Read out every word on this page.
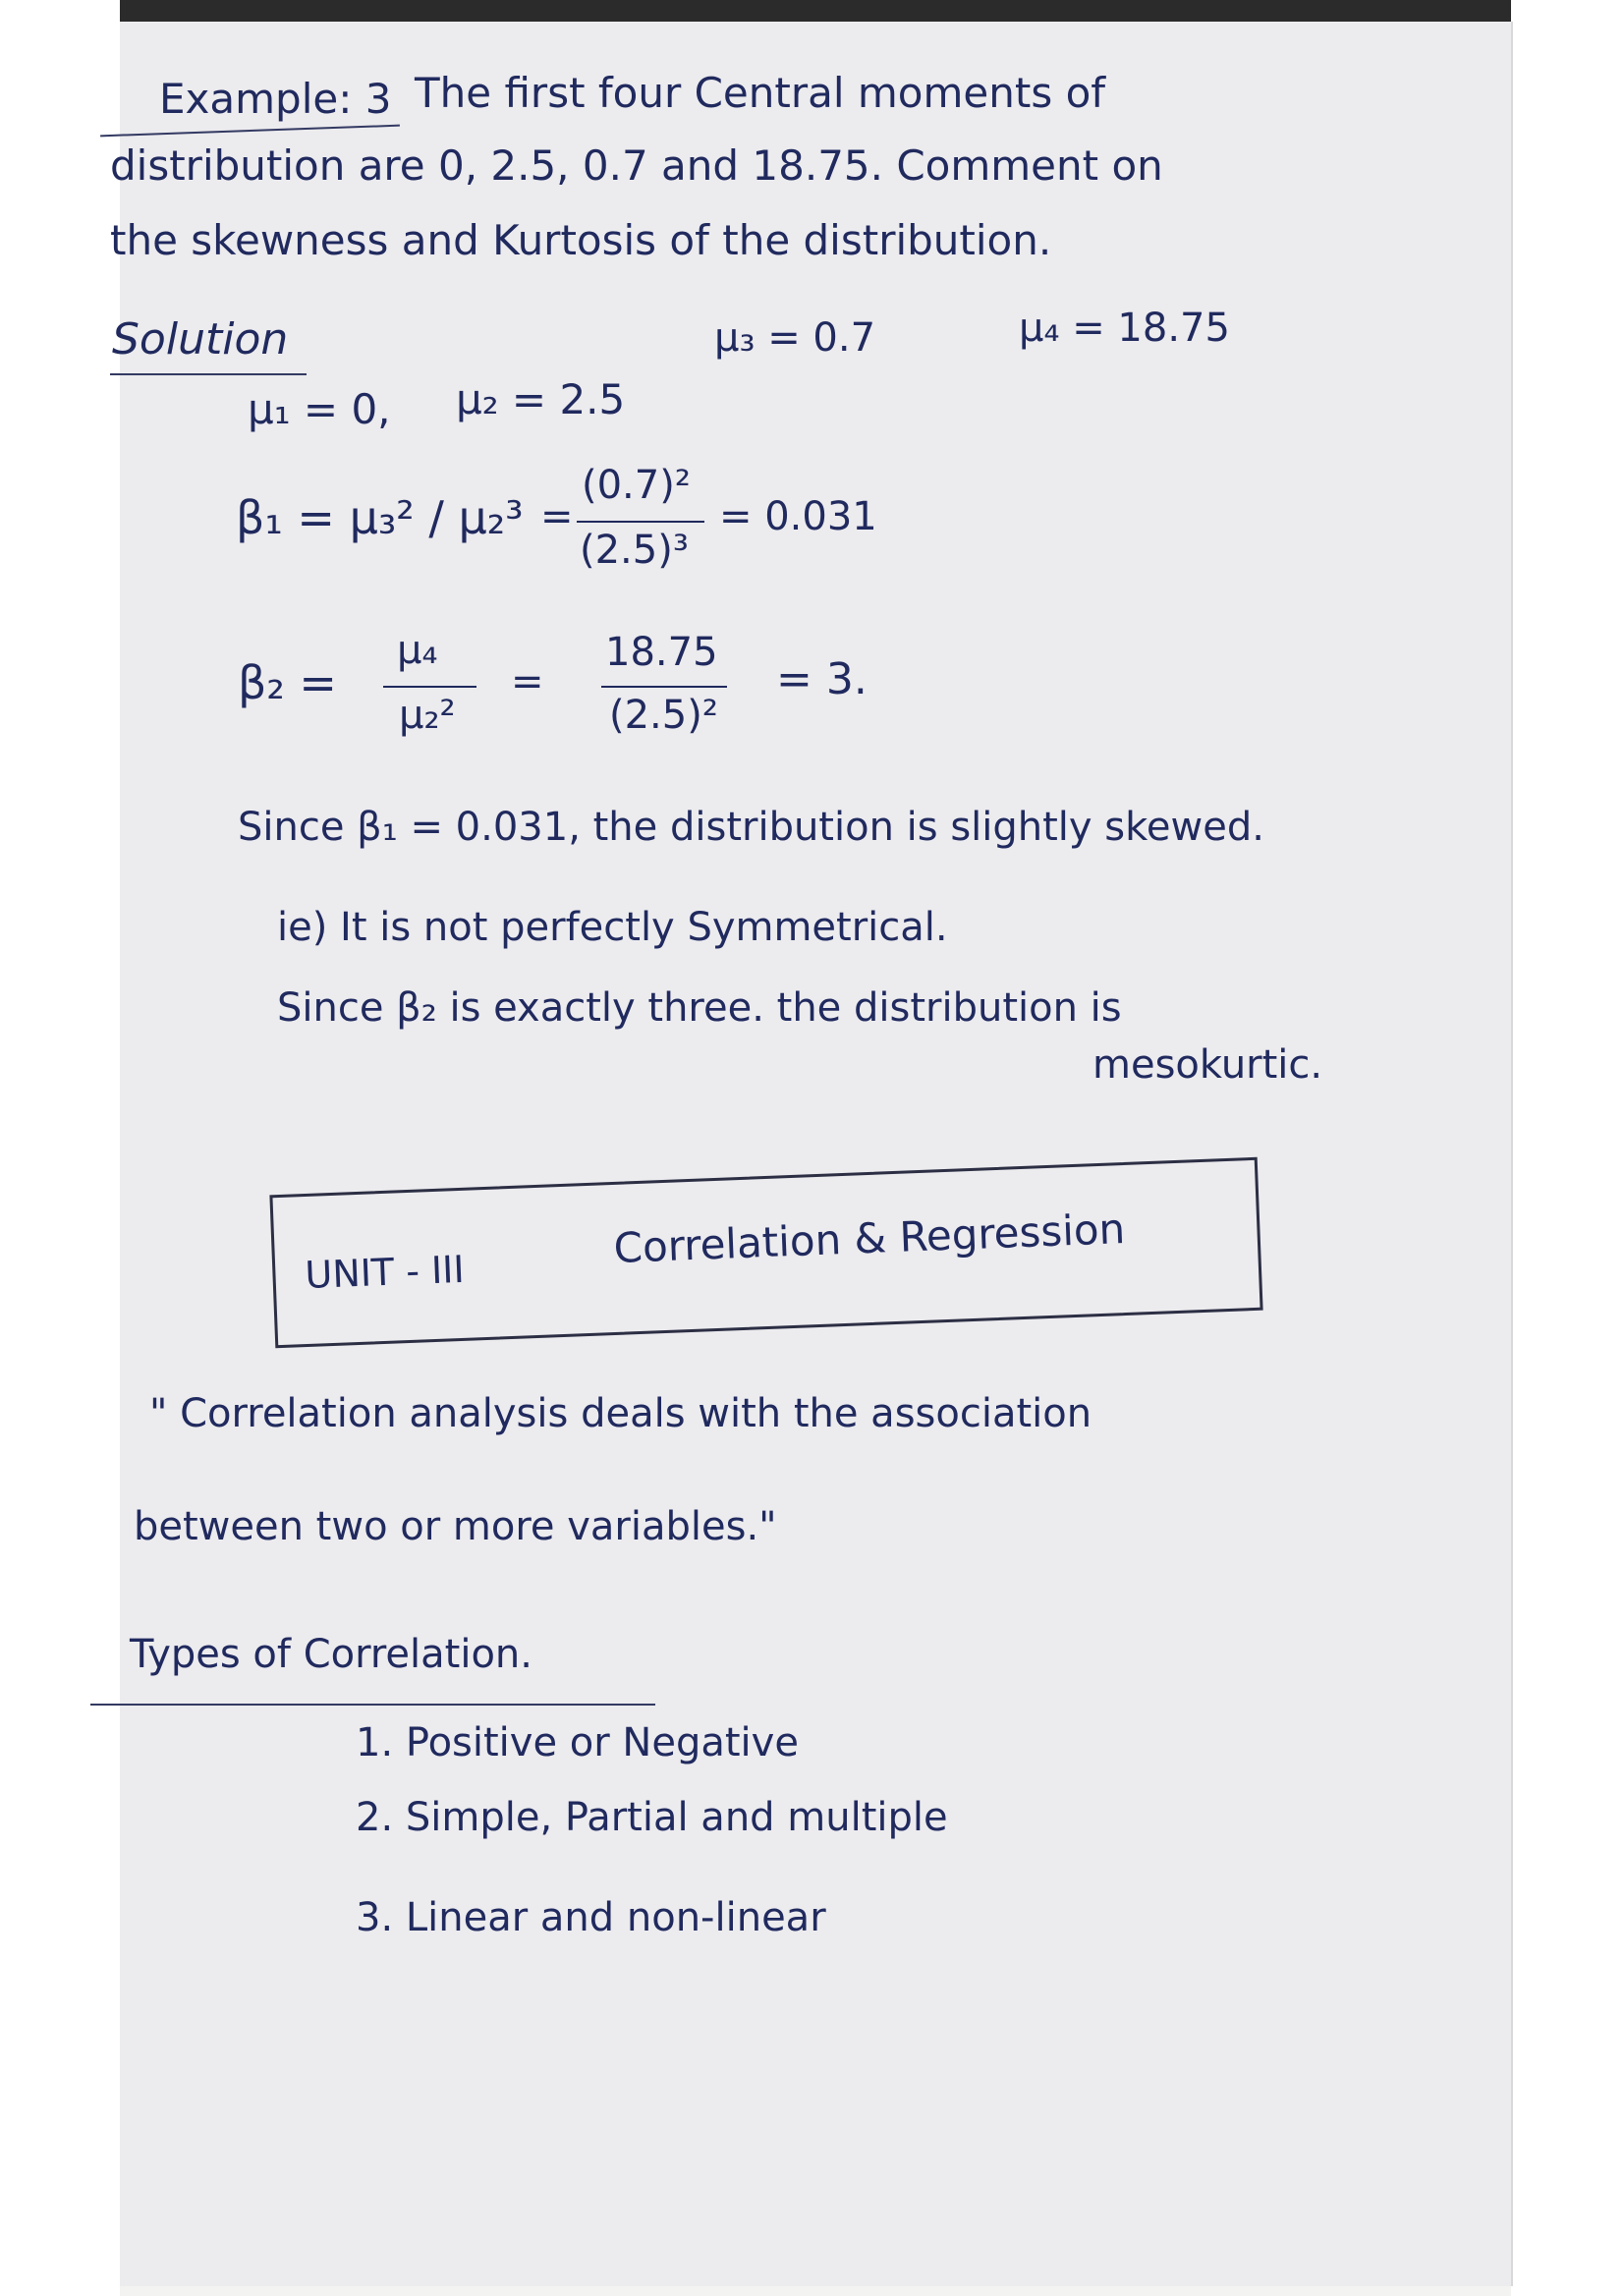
Example: 3 The first four Central moments of
distribution are 0, 2.5, 0.7 and 18.75. Comment on
the skewness and Kurtosis of the distribution.
Solution	μ₃ = 0.7	μ₄ = 18.75
μ₁ = 0, μ₂ = 2.5
β₁ = μ₃² / μ₂³ =
(0.7)²
(2.5)³
= 0.031
β₂ =
μ₄
μ₂²
=
18.75
(2.5)²
= 3.
Since β₁ = 0.031, the distribution is slightly skewed.
ie) It is not perfectly Symmetrical.
Since β₂ is exactly three. the distribution is
mesokurtic.
UNIT - III	Correlation & Regression
" Correlation analysis deals with the association
between two or more variables."
Types of Correlation.
1. Positive or Negative
2. Simple, Partial and multiple
3. Linear and non-linear
